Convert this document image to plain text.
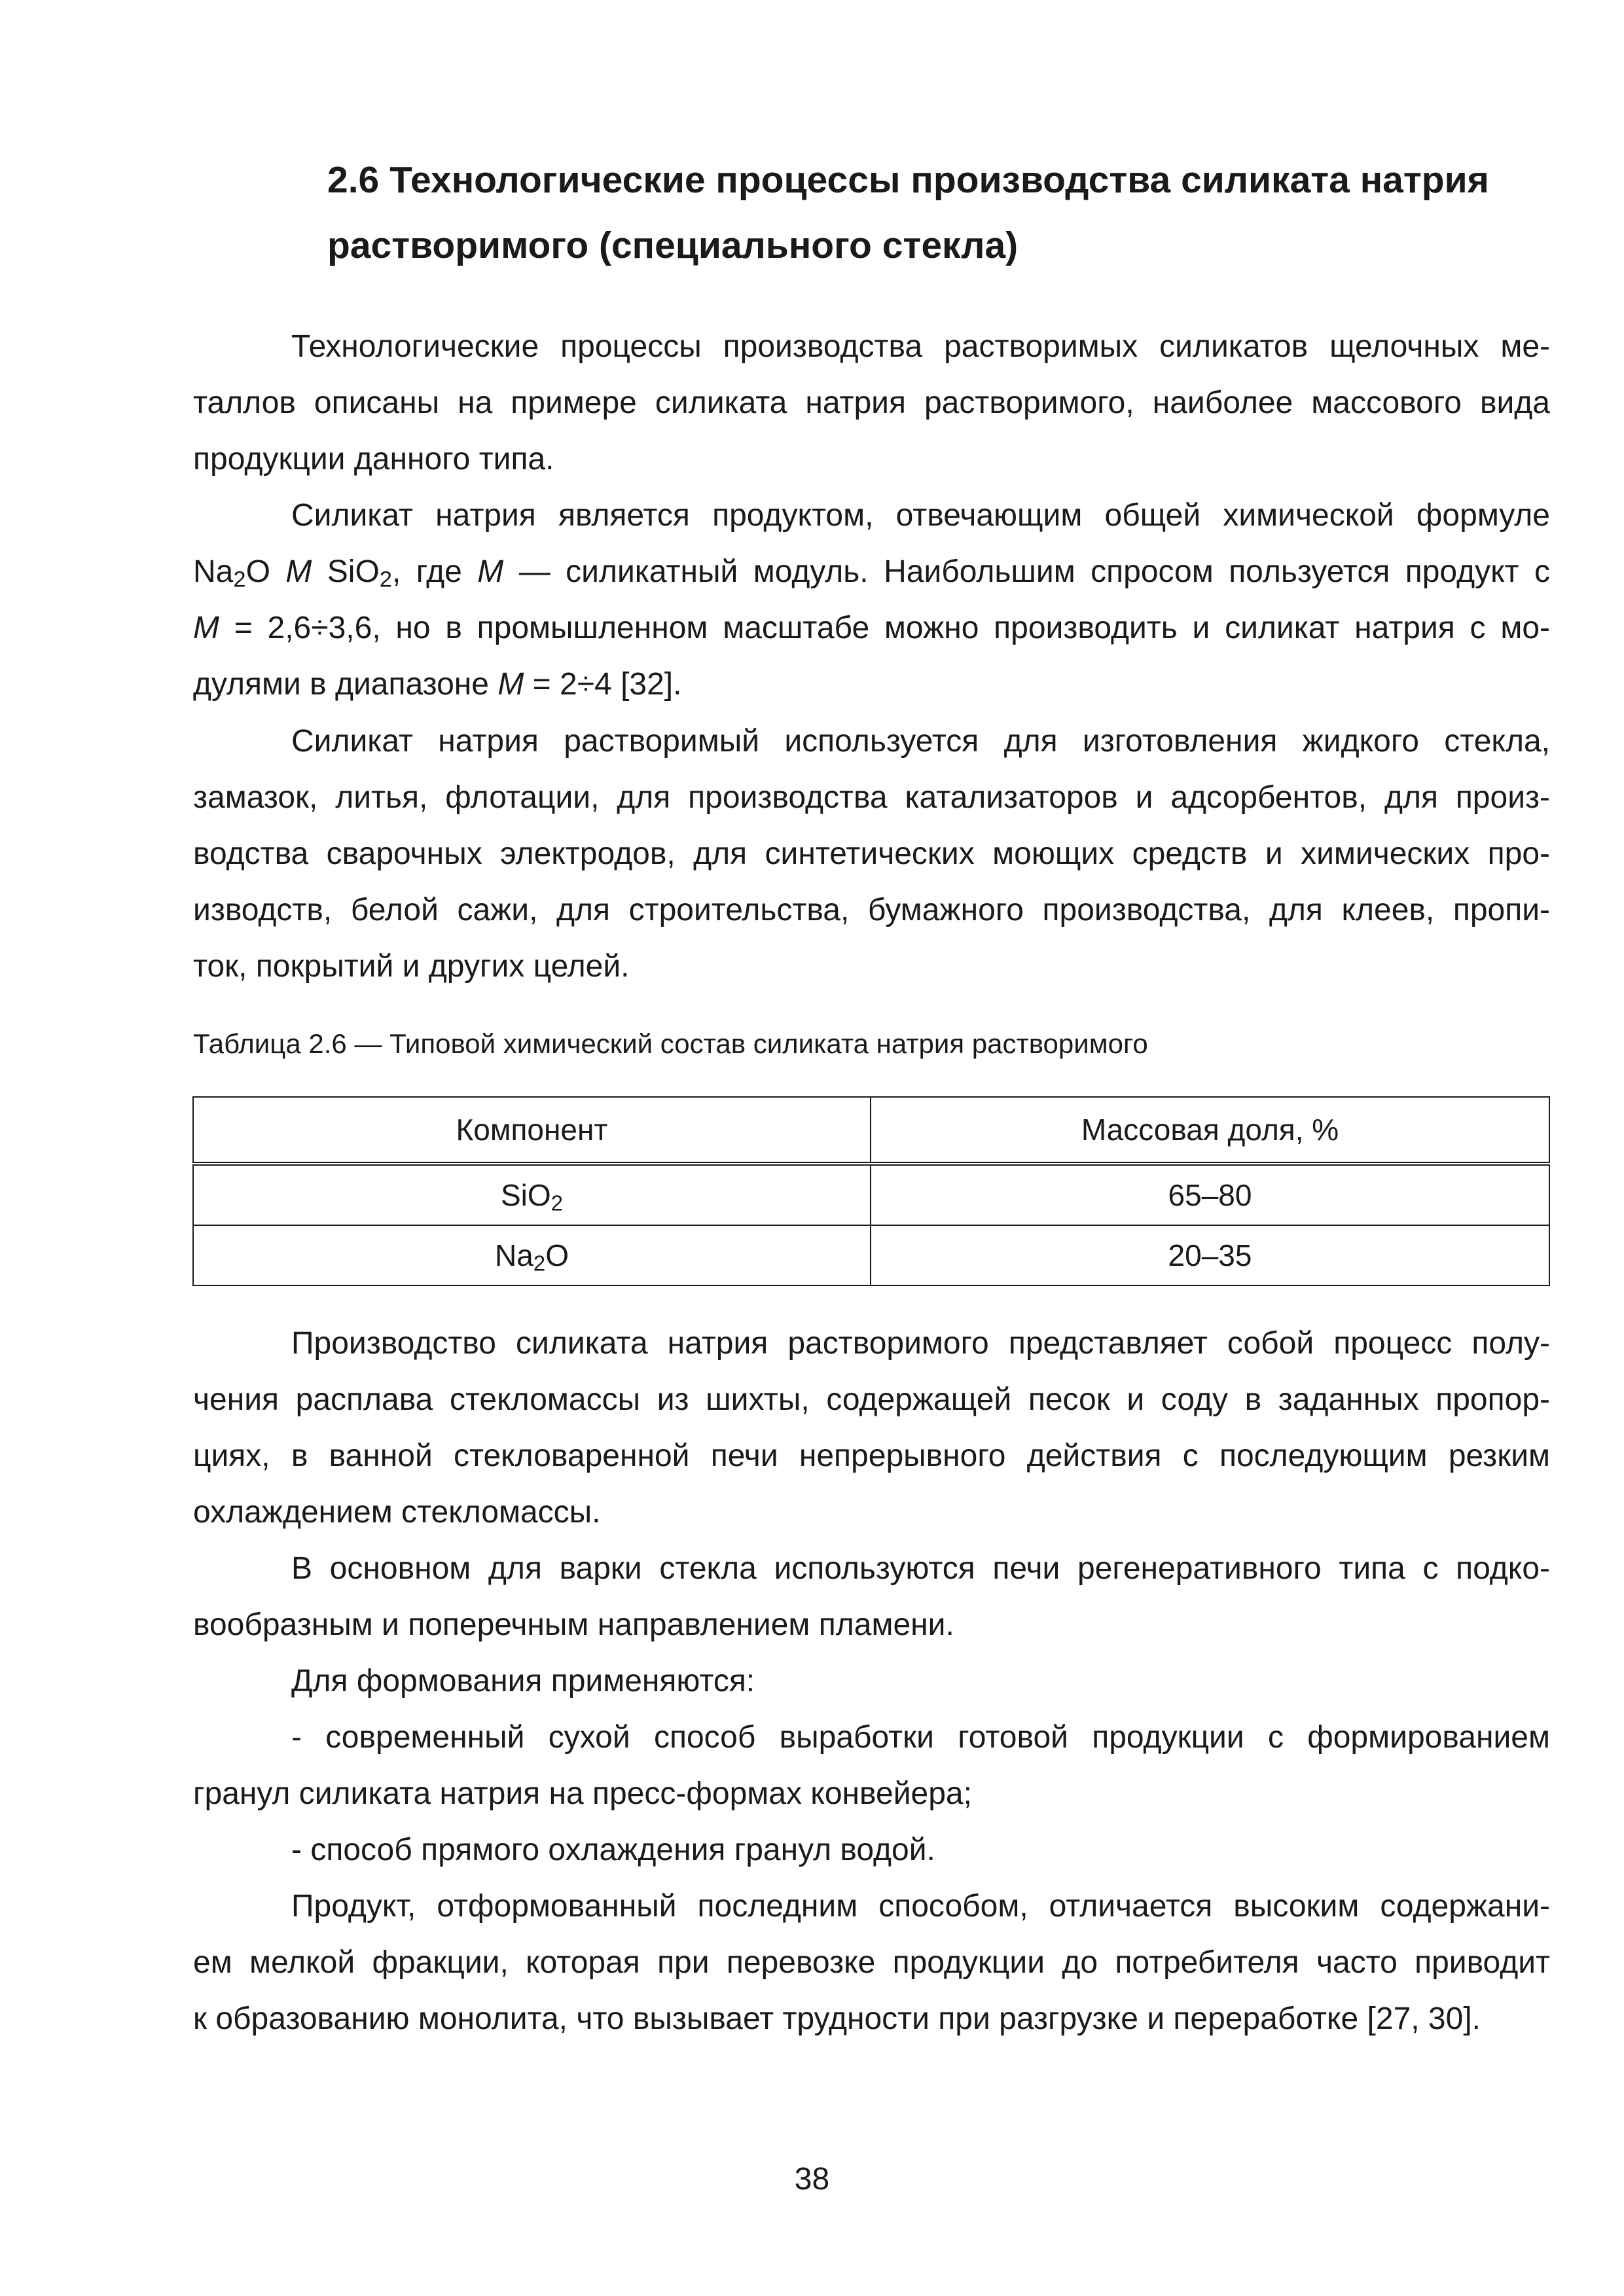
2.6 Технологические процессы производства силиката натрия
растворимого (специального стекла)
Технологические процессы производства растворимых силикатов щелочных ме-
таллов описаны на примере силиката натрия растворимого, наиболее массового вида
продукции данного типа.
Силикат натрия является продуктом, отвечающим общей химической формуле
$Na_2O$ M SiO$_2$, где M — силикатный модуль. Наибольшим спросом пользуется продукт с
M = 2,6÷3,6, но в промышленном масштабе можно производить и силикат натрия с мо-
дулями в диапазоне M = 2÷4 [32].
Силикат натрия растворимый используется для изготовления жидкого стекла,
замазок, литья, флотации, для производства катализаторов и адсорбентов, для произ-
водства сварочных электродов, для синтетических моющих средств и химических про-
изводств, белой сажи, для строительства, бумажного производства, для клеев, пропи-
ток, покрытий и других целей.

Таблица 2.6 — Типовой химический состав силиката натрия растворимого

Компонент	Массовая доля, %
SiO$_2$	65–80
$Na_2O$	20–35
Производство силиката натрия растворимого представляет собой процесс полу-
чения расплава стекломассы из шихты, содержащей песок и соду в заданных пропор-
циях, в ванной стекловаренной печи непрерывного действия с последующим резким
охлаждением стекломассы.
В основном для варки стекла используются печи регенеративного типа с подко-
вообразным и поперечным направлением пламени.
Для формования применяются:
- современный сухой способ выработки готовой продукции с формированием
гранул силиката натрия на пресс-формах конвейера;
- способ прямого охлаждения гранул водой.
Продукт, отформованный последним способом, отличается высоким содержани-
ем мелкой фракции, которая при перевозке продукции до потребителя часто приводит
к образованию монолита, что вызывает трудности при разгрузке и переработке [27, 30].
38
